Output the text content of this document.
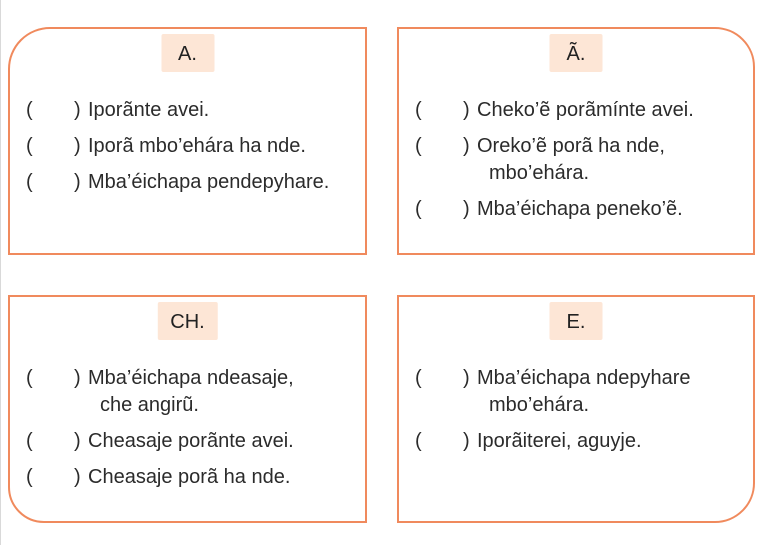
A.
( ) Iporãnte avei.
( ) Iporã mbo’ehára ha nde.
( ) Mba’éichapa pendepyhare.
Ã.
( ) Cheko’ẽ porãmínte avei.
( ) Oreko’ẽ porã ha nde,
mbo’ehára.
( ) Mba’éichapa peneko’ẽ.
CH.
( ) Mba’éichapa ndeasaje,
che angirũ.
( ) Cheasaje porãnte avei.
( ) Cheasaje porã ha nde.
E.
( ) Mba’éichapa ndepyhare
mbo’ehára.
( ) Iporãiterei, aguyje.
